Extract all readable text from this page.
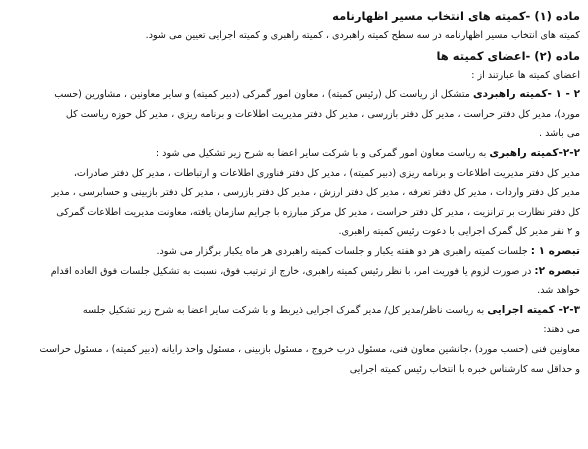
ماده (۱) -کمیته های انتخاب مسیر اظهارنامه
کمیته های انتخاب مسیر اظهارنامه در سه سطح کمیته راهبردی ، کمیته راهبری و کمیته اجرایی تعیین می شود.
ماده (۲) -اعضای کمیته ها
اعضای کمیته ها عبارتند از :
۲ - ۱ -کمیته راهبردی متشکل از ریاست کل (رئیس کمیته) ، معاون امور گمرکی (دبیر کمیته) و سایر معاونین ، مشاورین (حسب
مورد)، مدیر کل دفتر حراست ، مدیر کل دفتر بازرسی ، مدیر کل دفتر مدیریت اطلاعات و برنامه ریزی ، مدیر کل حوزه ریاست کل
می باشد .
۲-۲-کمیته راهبری به ریاست معاون امور گمرکی و با شرکت سایر اعضا به شرح زیر تشکیل می شود :
مدیر کل دفتر مدیریت اطلاعات و برنامه ریزی (دبیر کمیته) ، مدیر کل دفتر فناوری اطلاعات و ارتباطات ، مدیر کل دفتر صادرات،
مدیر کل دفتر واردات ، مدیر کل دفتر تعرفه ، مدیر کل دفتر ارزش ، مدیر کل دفتر بازرسی ، مدیر کل دفتر بازبینی و حسابرسی ، مدیر
کل دفتر نظارت بر ترانزیت ، مدیر کل دفتر حراست ، مدیر کل مرکز مبارزه با جرایم سازمان یافته، معاونت مدیریت اطلاعات گمرکی
و ۲ نفر مدیر کل گمرک اجرایی با دعوت رئیس کمیته راهبری.
تبصره ۱ : جلسات کمیته راهبری هر دو هفته یکبار و جلسات کمیته راهبردی هر ماه یکبار برگزار می شود.
تبصره ۲: در صورت لزوم یا فوریت امر، با نظر رئیس کمیته راهبری، خارج از ترتیب فوق، نسبت به تشکیل جلسات فوق العاده اقدام
خواهد شد.
۲-۳- کمیته اجرایی به ریاست ناظر/مدیر کل/ مدیر گمرک اجرایی ذیربط و با شرکت سایر اعضا به شرح زیر تشکیل جلسه
می دهند:
معاونین فنی (حسب مورد) ،جانشین معاون فنی، مسئول درب خروج ، مسئول بازبینی ، مسئول واحد رایانه (دبیر کمیته) ، مسئول حراست
و حداقل سه کارشناس خبره با انتخاب رئیس کمیته اجرایی
